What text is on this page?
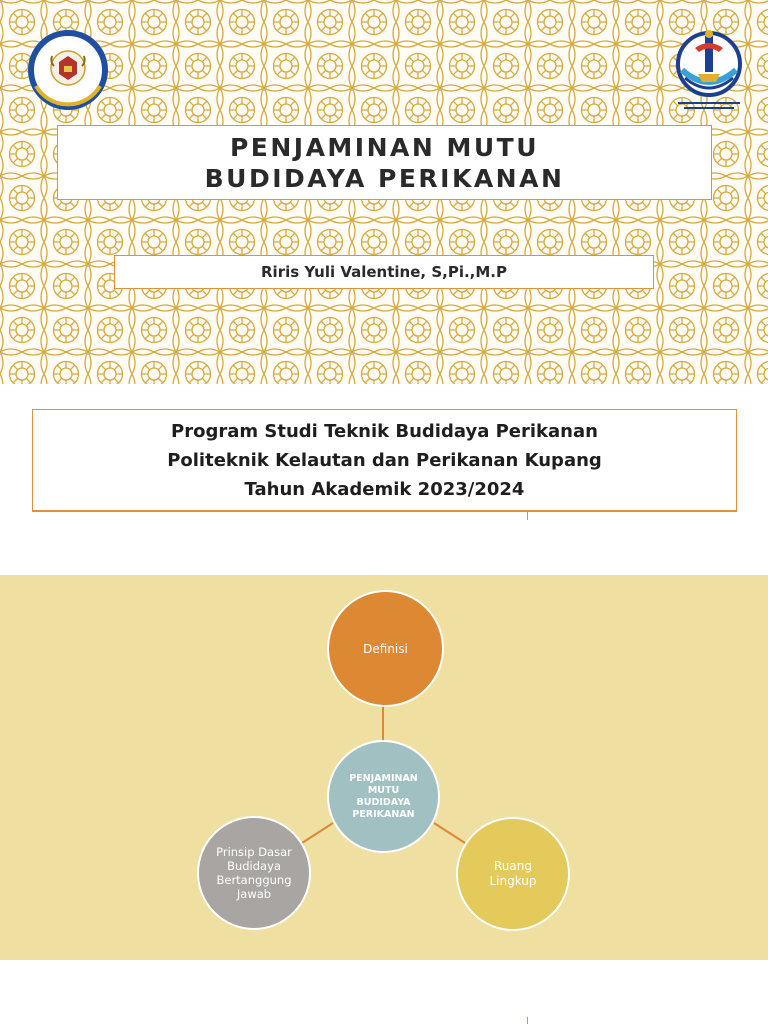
PENJAMINAN MUTU
BUDIDAYA PERIKANAN
Riris Yuli Valentine, S,Pi.,M.P
Program Studi Teknik Budidaya Perikanan
Politeknik Kelautan dan Perikanan Kupang
Tahun Akademik 2023/2024
Definisi
PENJAMINAN MUTU BUDIDAYA PERIKANAN
Ruang Lingkup
Prinsip Dasar Budidaya Bertanggung Jawab
